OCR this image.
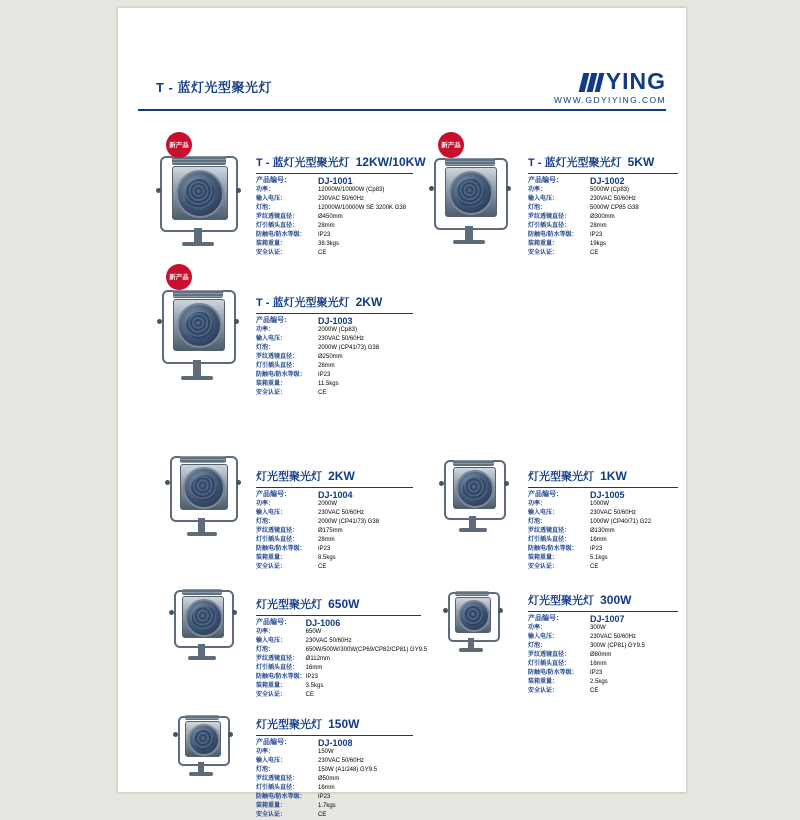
T - 蓝灯光型聚光灯	YING
WWW.GDYIYING.COM
新产品
T - 蓝灯光型聚光灯 12KW/10KW
产品编号：	DJ-1001
功率：	12000W/10000W (Cp83)
输入电压：	230VAC 50/60Hz
灯泡：	12000W/10000W SE 3200K G38
罗纹透镜直径：	Ø450mm
灯引插头直径：	28mm
防触电/防水等级：	IP23
装箱重量：	38.3kgs
安全认证：	CE
新产品
T - 蓝灯光型聚光灯 5KW
产品编号：	DJ-1002
功率：	5000W (Cp83)
输入电压：	230VAC 50/60Hz
灯泡：	5000W CP85 G38
罗纹透镜直径：	Ø300mm
灯引插头直径：	28mm
防触电/防水等级：	IP23
装箱重量：	19kgs
安全认证：	CE
新产品
T - 蓝灯光型聚光灯 2KW
产品编号：	DJ-1003
功率：	2000W (Cp83)
输入电压：	230VAC 50/60Hz
灯泡：	2000W (CP41/73) G38
罗纹透镜直径：	Ø250mm
灯引插头直径：	28mm
防触电/防水等级：	IP23
装箱重量：	11.5kgs
安全认证：	CE
灯光型聚光灯 2KW
产品编号：	DJ-1004
功率：	2000W
输入电压：	230VAC 50/60Hz
灯泡：	2000W (CP41/73) G38
罗纹透镜直径：	Ø175mm
灯引插头直径：	28mm
防触电/防水等级：	IP23
装箱重量：	8.5kgs
安全认证：	CE
灯光型聚光灯 1KW
产品编号：	DJ-1005
功率：	1000W
输入电压：	230VAC 50/60Hz
灯泡：	1000W (CP40/71) G22
罗纹透镜直径：	Ø130mm
灯引插头直径：	16mm
防触电/防水等级：	IP23
装箱重量：	5.1kgs
安全认证：	CE
灯光型聚光灯 650W
产品编号：	DJ-1006
功率：	650W
输入电压：	230VAC 50/60Hz
灯泡：	650W/500W/300W(CP69/CP82/CP81) GY9.5
罗纹透镜直径：	Ø112mm
灯引插头直径：	16mm
防触电/防水等级：	IP23
装箱重量：	3.5kgs
安全认证：	CE
灯光型聚光灯 300W
产品编号：	DJ-1007
功率：	300W
输入电压：	230VAC 50/60Hz
灯泡：	300W (CP81) GY9.5
罗纹透镜直径：	Ø80mm
灯引插头直径：	16mm
防触电/防水等级：	IP23
装箱重量：	2.5kgs
安全认证：	CE
灯光型聚光灯 150W
产品编号：	DJ-1008
功率：	150W
输入电压：	230VAC 50/60Hz
灯泡：	150W (A1/248) GY9.5
罗纹透镜直径：	Ø50mm
灯引插头直径：	16mm
防触电/防水等级：	IP23
装箱重量：	1.7kgs
安全认证：	CE
